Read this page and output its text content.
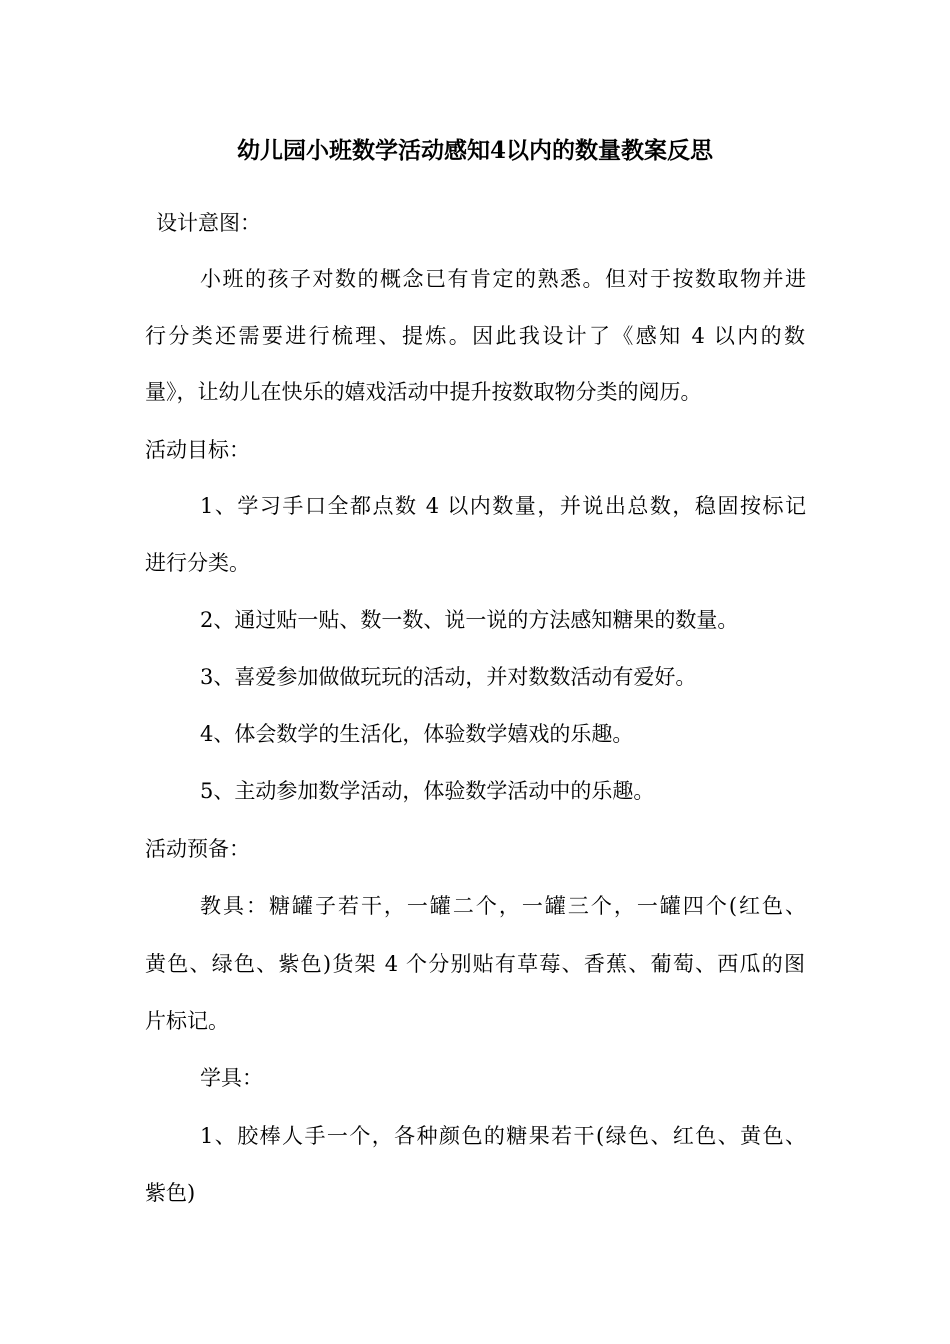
幼儿园小班数学活动感知4以内的数量教案反思
设计意图：
小班的孩子对数的概念已有肯定的熟悉。但对于按数取物并进
行分类还需要进行梳理、提炼。因此我设计了《感知 4 以内的数
量》，让幼儿在快乐的嬉戏活动中提升按数取物分类的阅历。
活动目标：
1、学习手口全都点数 4 以内数量，并说出总数，稳固按标记
进行分类。
2、通过贴一贴、数一数、说一说的方法感知糖果的数量。
3、喜爱参加做做玩玩的活动，并对数数活动有爱好。
4、体会数学的生活化，体验数学嬉戏的乐趣。
5、主动参加数学活动，体验数学活动中的乐趣。
活动预备：
教具：糖罐子若干，一罐二个，一罐三个，一罐四个(红色、
黄色、绿色、紫色)货架 4 个分别贴有草莓、香蕉、葡萄、西瓜的图
片标记。
学具：
1、胶棒人手一个，各种颜色的糖果若干(绿色、红色、黄色、
紫色)
